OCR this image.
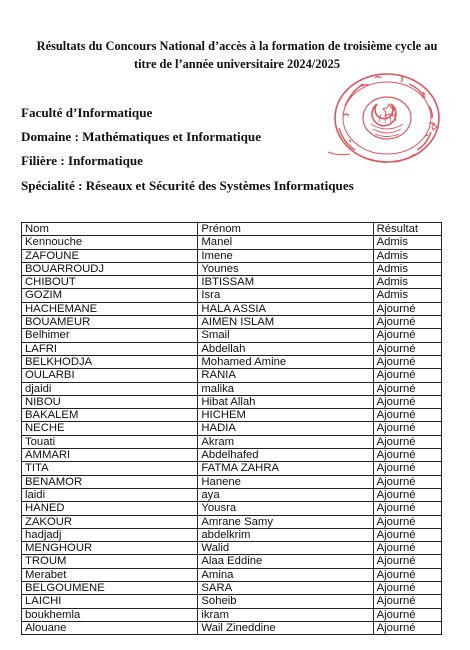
Résultats du Concours National d’accès à la formation de troisième cycle au titre de l’année universitaire 2024/2025
Faculté d’Informatique
Domaine : Mathématiques et Informatique
Filière : Informatique
Spécialité : Réseaux et Sécurité des Systèmes Informatiques
Nom	Prénom	Résultat
Kennouche	Manel	Admis
ZAFOUNE	Imene	Admis
BOUARROUDJ	Younes	Admis
CHIBOUT	IBTISSAM	Admis
GOZIM	Isra	Admis
HACHEMANE	HALA ASSIA	Ajourné
BOUAMEUR	AIMEN ISLAM	Ajourné
Belhimer	Smail	Ajourné
LAFRI	Abdellah	Ajourné
BELKHODJA	Mohamed Amine	Ajourné
OULARBI	RANIA	Ajourné
djaidi	malika	Ajourné
NIBOU	Hibat Allah	Ajourné
BAKALEM	HICHEM	Ajourné
NECHE	HADIA	Ajourné
Touati	Akram	Ajourné
AMMARI	Abdelhafed	Ajourné
TITA	FATMA ZAHRA	Ajourné
BENAMOR	Hanene	Ajourné
laidi	aya	Ajourné
HANED	Yousra	Ajourné
ZAKOUR	Amrane Samy	Ajourné
hadjadj	abdelkrim	Ajourné
MENGHOUR	Walid	Ajourné
TROUM	Alaa Eddine	Ajourné
Merabet	Amina	Ajourné
BELGOUMENE	SARA	Ajourné
LAICHI	Soheib	Ajourné
boukhemla	ikram	Ajourné
Alouane	Wail Zineddine	Ajourné
